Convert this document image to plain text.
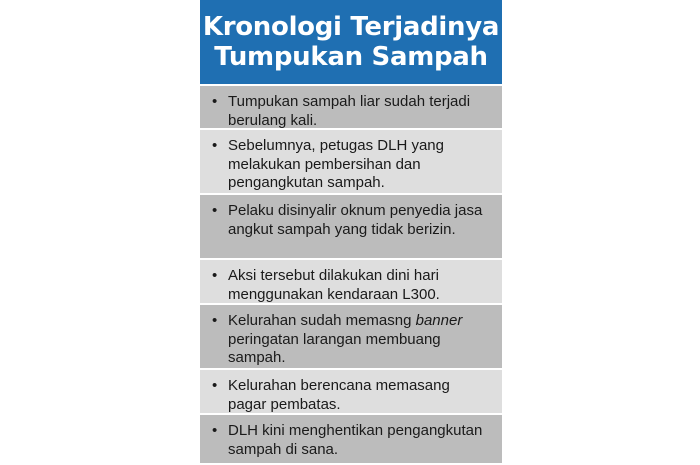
Kronologi Terjadinya
Tumpukan Sampah
• Tumpukan sampah liar sudah terjadi berulang kali.
• Sebelumnya, petugas DLH yang melakukan pembersihan dan pengangkutan sampah.
• Pelaku disinyalir oknum penyedia jasa angkut sampah yang tidak berizin.
• Aksi tersebut dilakukan dini hari menggunakan kendaraan L300.
• Kelurahan sudah memasng banner peringatan larangan membuang sampah.
• Kelurahan berencana memasang pagar pembatas.
• DLH kini menghentikan pengangkutan sampah di sana.
